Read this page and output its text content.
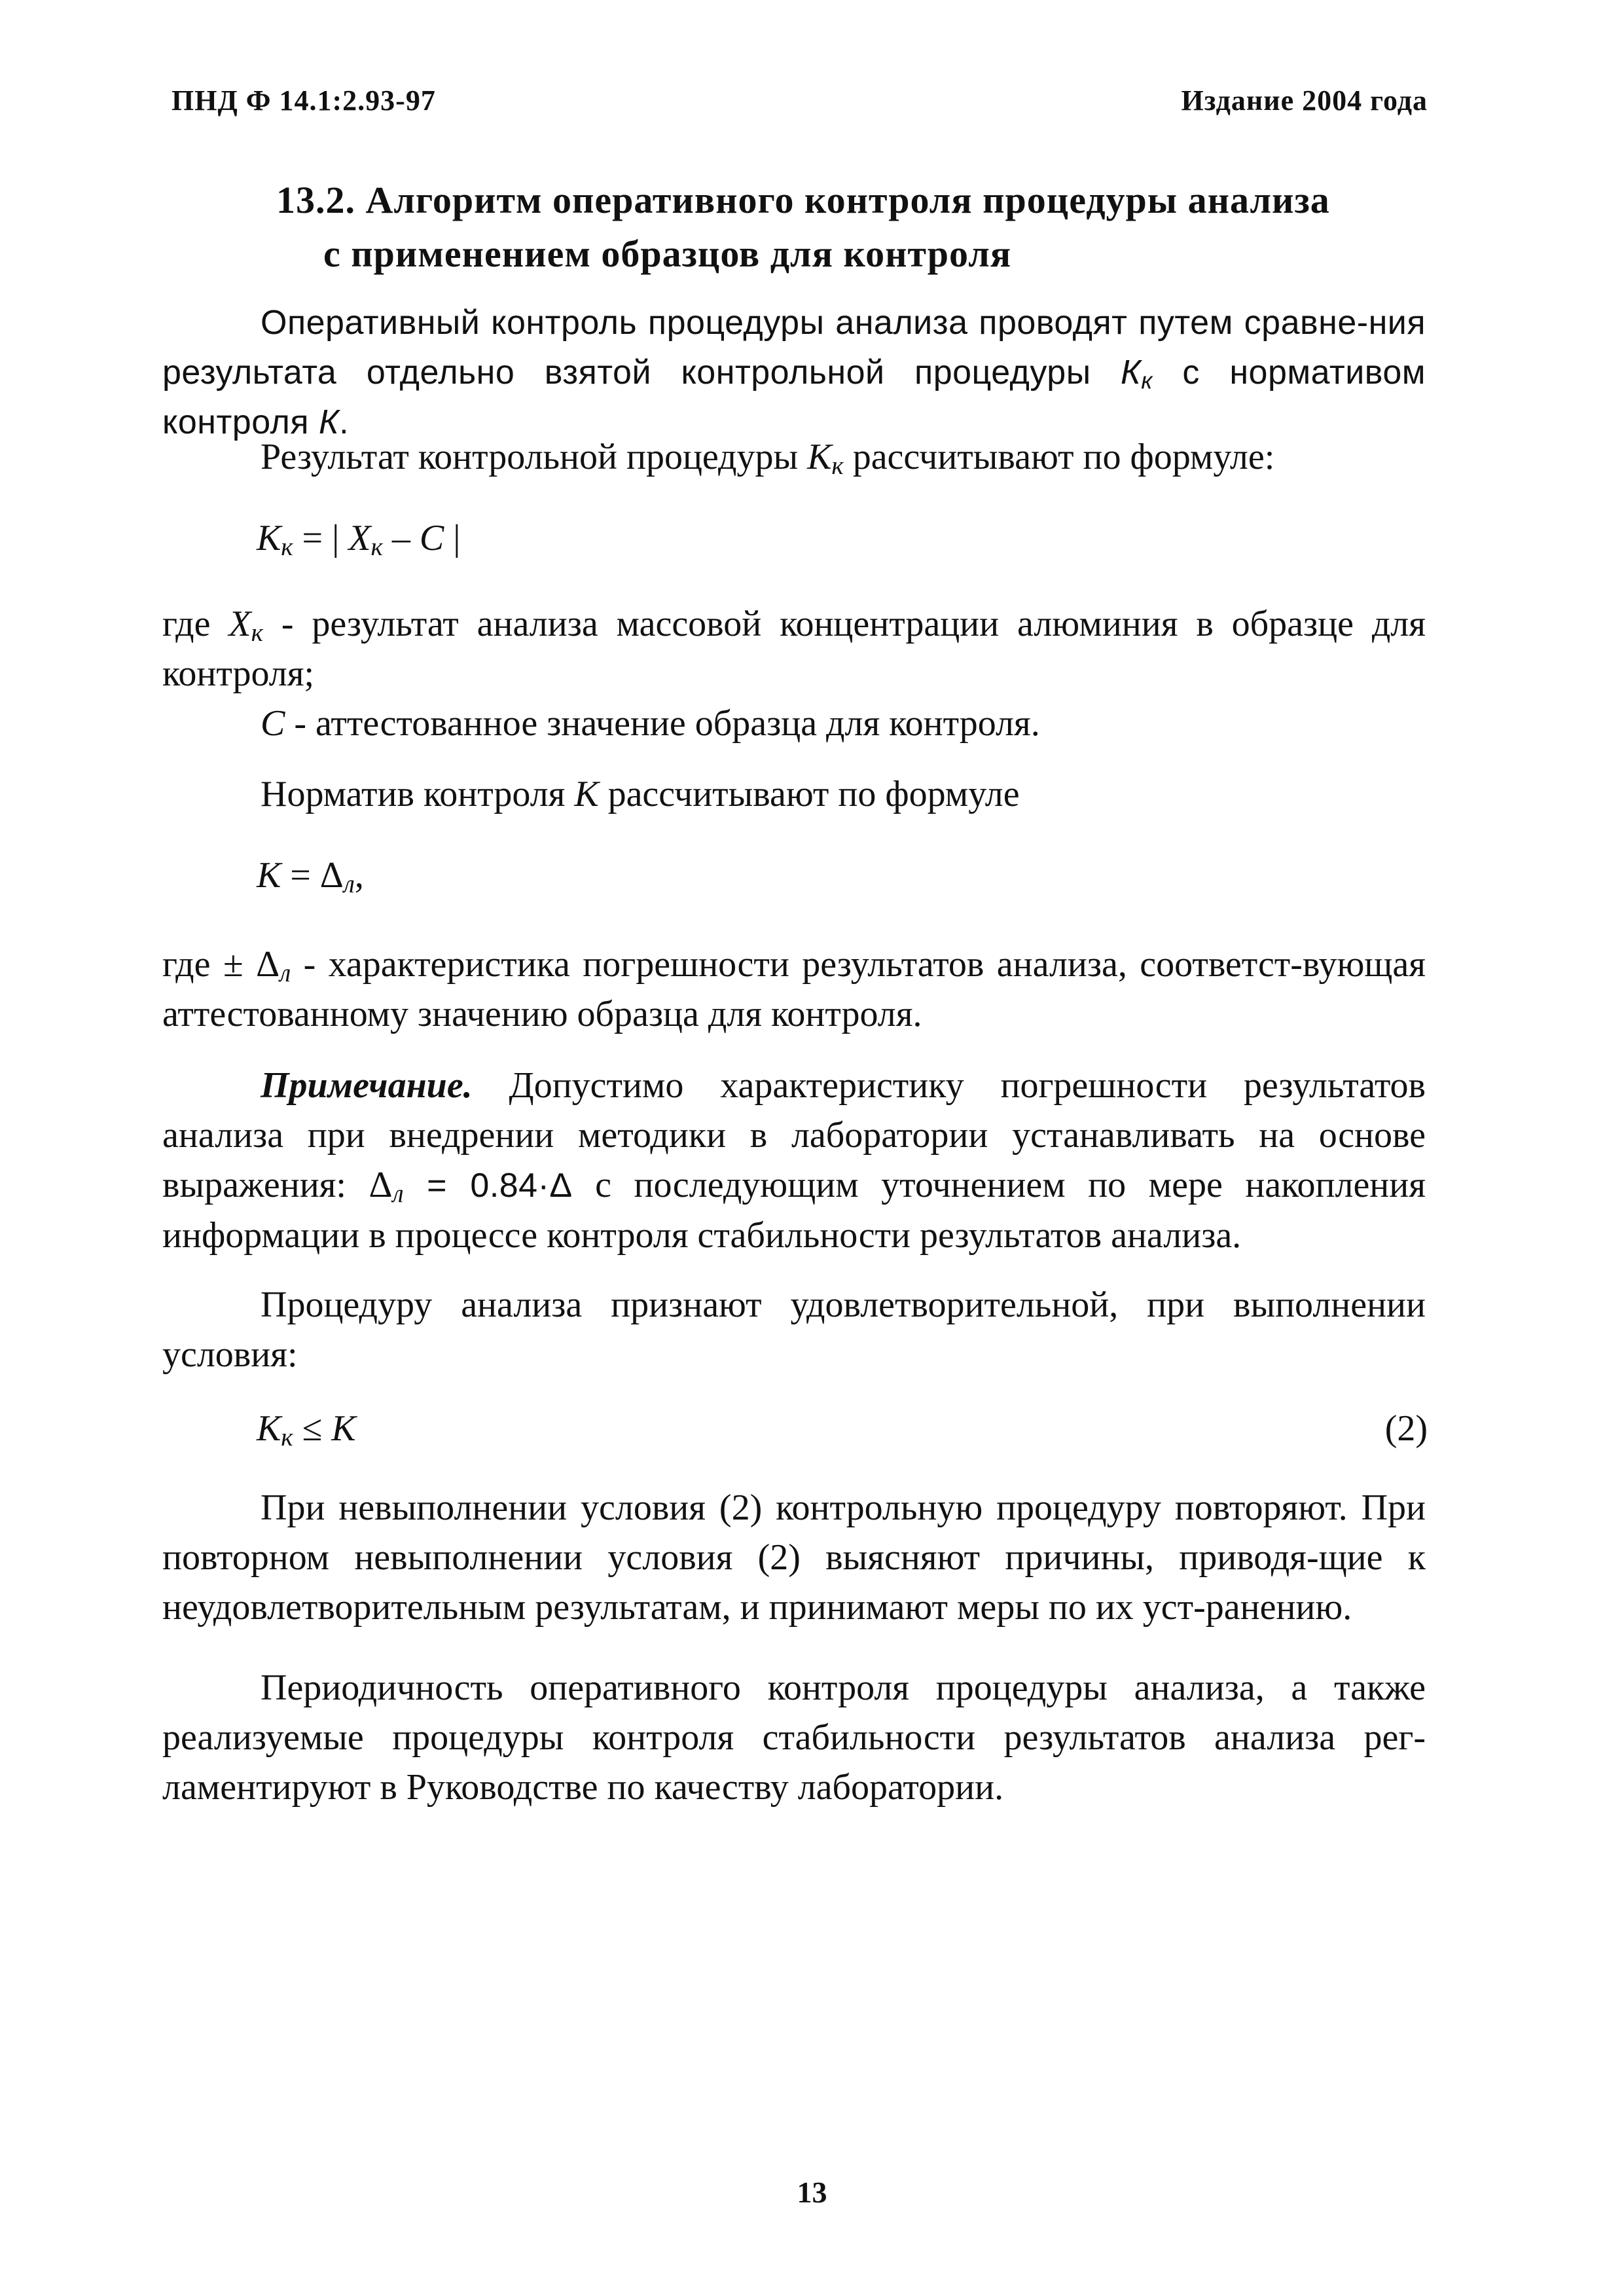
ПНД Ф 14.1:2.93-97	Издание 2004 года
13.2. Алгоритм оперативного контроля процедуры анализа
с применением образцов для контроля

Оперативный контроль процедуры анализа проводят путем сравне-ния результата отдельно взятой контрольной процедуры $К_к$ с нормативом контроля К.

Результат контрольной процедуры Кк рассчитывают по формуле:

Кк = | Xк – C |

где Xк - результат анализа массовой концентрации алюминия в образце для контроля;

С - аттестованное значение образца для контроля.

Норматив контроля К рассчитывают по формуле

К = Δл,

где ± Δл - характеристика погрешности результатов анализа, соответст-вующая аттестованному значению образца для контроля.

Примечание. Допустимо характеристику погрешности результатов анализа при внедрении методики в лаборатории устанавливать на основе выражения: Δл = 0.84·Δ с последующим уточнением по мере накопления информации в процессе контроля стабильности результатов анализа.

Процедуру анализа признают удовлетворительной, при выполнении условия:

Кк ≤ К	(2)

При невыполнении условия (2) контрольную процедуру повторяют. При повторном невыполнении условия (2) выясняют причины, приводя-щие к неудовлетворительным результатам, и принимают меры по их уст-ранению.

Периодичность оперативного контроля процедуры анализа, а также реализуемые процедуры контроля стабильности результатов анализа рег-ламентируют в Руководстве по качеству лаборатории.

13
